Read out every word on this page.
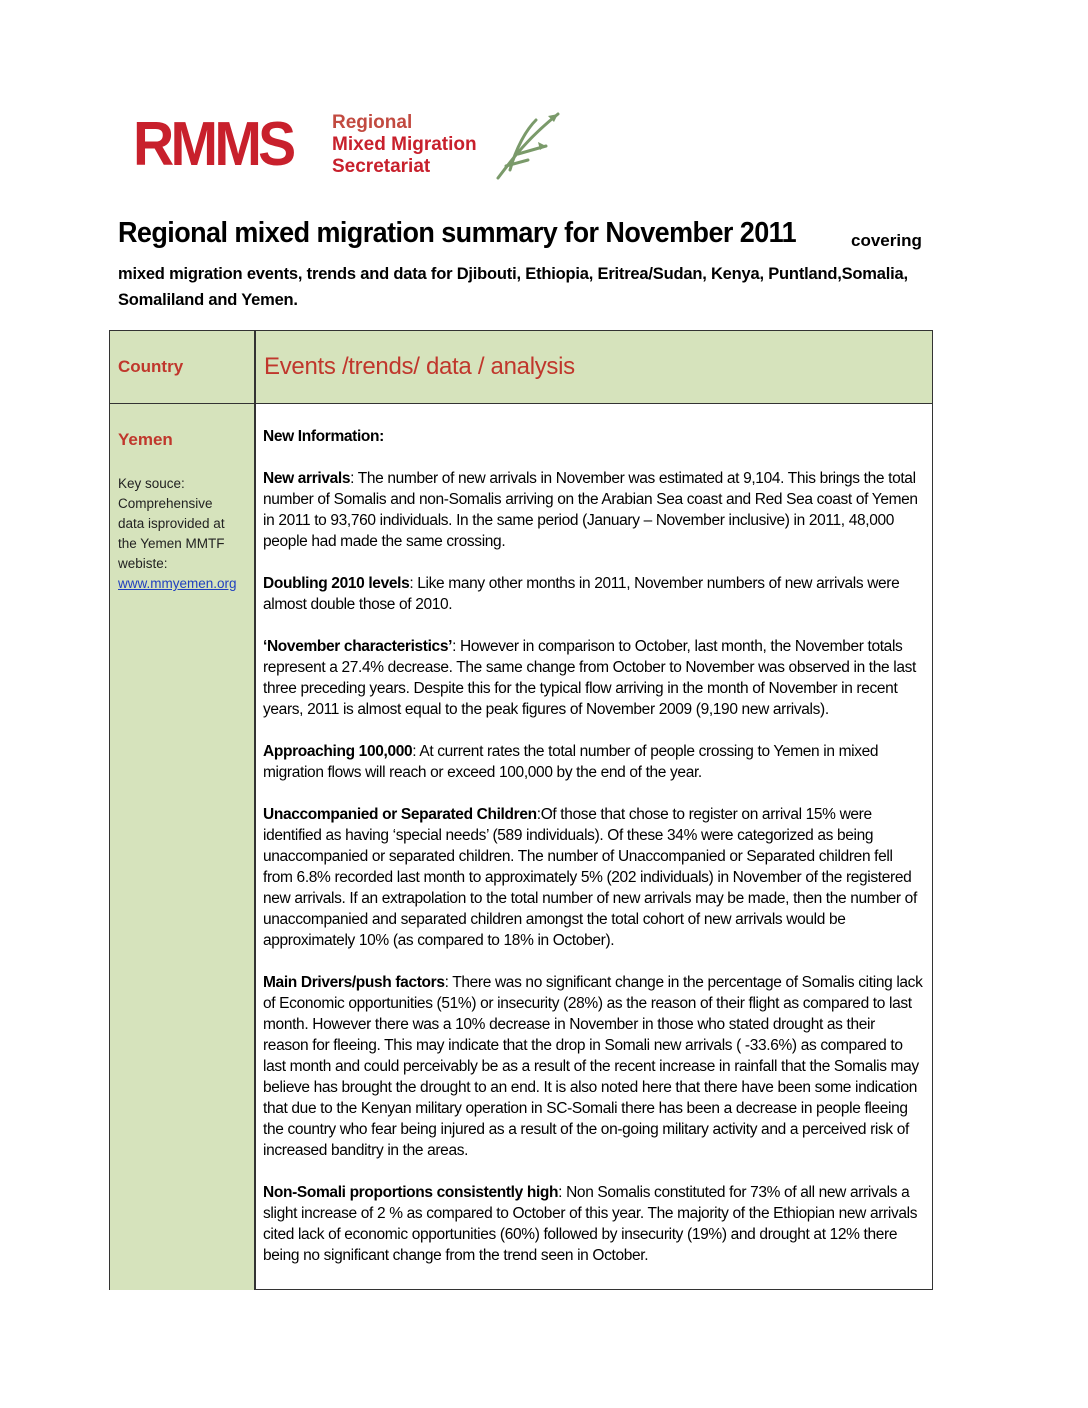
RMMS Regional
Mixed Migration
Secretariat
Regional mixed migration summary for November 2011	covering
mixed migration events, trends and data for Djibouti, Ethiopia, Eritrea/Sudan, Kenya, Puntland,Somalia, Somaliland and Yemen.
Country	Events /trends/ data / analysis
Yemen
Key souce:
Comprehensive
data isprovided at
the Yemen MMTF
webiste:
www.mmyemen.org

New Information:

New arrivals: The number of new arrivals in November was estimated at 9,104. This brings the total number of Somalis and non-Somalis arriving on the Arabian Sea coast and Red Sea coast of Yemen in 2011 to 93,760 individuals. In the same period (January – November inclusive) in 2011, 48,000 people had made the same crossing.

Doubling 2010 levels: Like many other months in 2011, November numbers of new arrivals were almost double those of 2010.

‘November characteristics’: However in comparison to October, last month, the November totals represent a 27.4% decrease. The same change from October to November was observed in the last three preceding years. Despite this for the typical flow arriving in the month of November in recent years, 2011 is almost equal to the peak figures of November 2009 (9,190 new arrivals).

Approaching 100,000: At current rates the total number of people crossing to Yemen in mixed migration flows will reach or exceed 100,000 by the end of the year.

Unaccompanied or Separated Children:Of those that chose to register on arrival 15% were identified as having ‘special needs’ (589 individuals). Of these 34% were categorized as being unaccompanied or separated children. The number of Unaccompanied or Separated children fell from 6.8% recorded last month to approximately 5% (202 individuals) in November of the registered new arrivals. If an extrapolation to the total number of new arrivals may be made, then the number of unaccompanied and separated children amongst the total cohort of new arrivals would be approximately 10% (as compared to 18% in October).

Main Drivers/push factors: There was no significant change in the percentage of Somalis citing lack of Economic opportunities (51%) or insecurity (28%) as the reason of their flight as compared to last month. However there was a 10% decrease in November in those who stated drought as their reason for fleeing. This may indicate that the drop in Somali new arrivals ( -33.6%) as compared to last month and could perceivably be as a result of the recent increase in rainfall that the Somalis may believe has brought the drought to an end. It is also noted here that there have been some indication that due to the Kenyan military operation in SC-Somali there has been a decrease in people fleeing the country who fear being injured as a result of the on-going military activity and a perceived risk of increased banditry in the areas.

Non-Somali proportions consistently high: Non Somalis constituted for 73% of all new arrivals a slight increase of 2 % as compared to October of this year. The majority of the Ethiopian new arrivals cited lack of economic opportunities (60%) followed by insecurity (19%) and drought at 12% there being no significant change from the trend seen in October.
